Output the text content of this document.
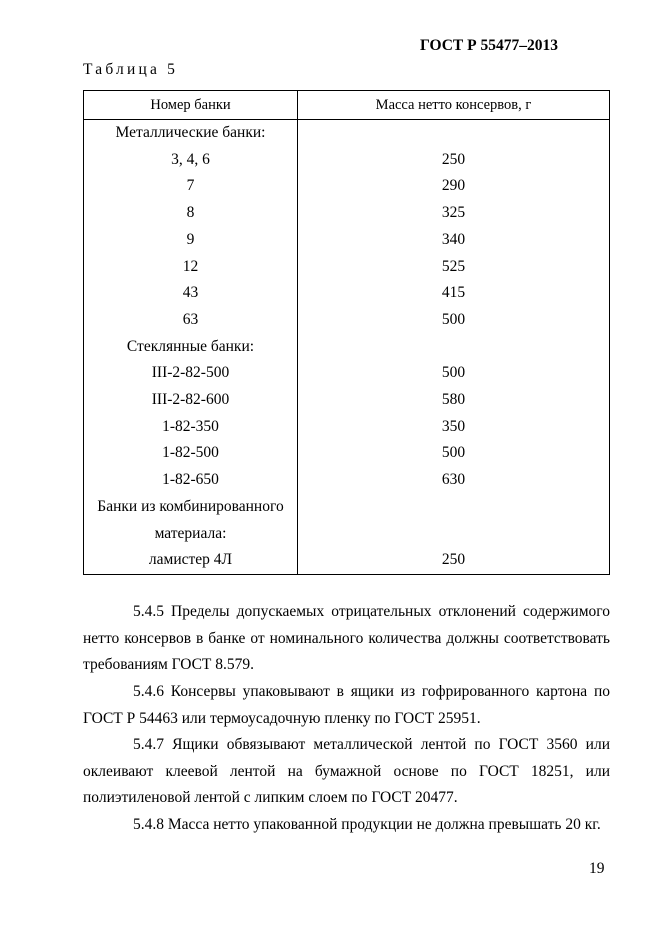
ГОСТ Р 55477–2013
Таблица 5
Номер банки	Масса нетто консервов, г
Металлические банки:	
3, 4, 6	250
7	290
8	325
9	340
12	525
43	415
63	500
Стеклянные банки:	
III-2-82-500	500
III-2-82-600	580
1-82-350	350
1-82-500	500
1-82-650	630
Банки из комбинированного	
материала:	
ламистер 4Л	250
5.4.5 Пределы допускаемых отрицательных отклонений содержимого нетто консервов в банке от номинального количества должны соответствовать требованиям ГОСТ 8.579.
5.4.6 Консервы упаковывают в ящики из гофрированного картона по ГОСТ Р 54463 или термоусадочную пленку по ГОСТ 25951.
5.4.7 Ящики обвязывают металлической лентой по ГОСТ 3560 или оклеивают клеевой лентой на бумажной основе по ГОСТ 18251, или полиэтиленовой лентой с липким слоем по ГОСТ 20477.
5.4.8 Масса нетто упакованной продукции не должна превышать 20 кг.
19
